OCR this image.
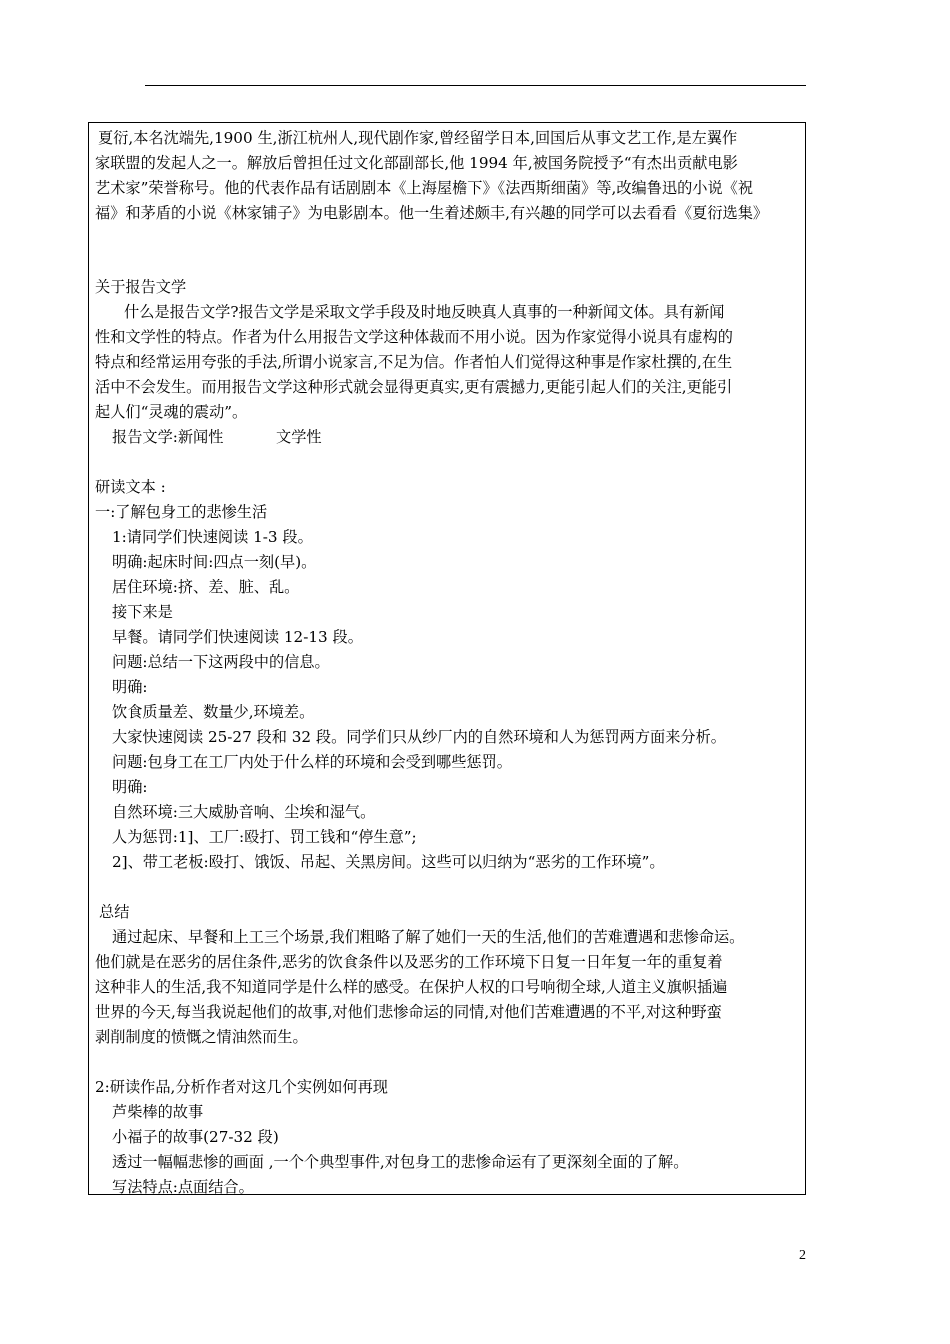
夏衍,本名沈端先,1900 生,浙江杭州人,现代剧作家,曾经留学日本,回国后从事文艺工作,是左翼作
家联盟的发起人之一。解放后曾担任过文化部副部长,他 1994 年,被国务院授予“有杰出贡献电影
艺术家”荣誉称号。他的代表作品有话剧剧本《上海屋檐下》《法西斯细菌》等,改编鲁迅的小说《祝
福》和茅盾的小说《林家铺子》为电影剧本。他一生着述颇丰,有兴趣的同学可以去看看《夏衍选集》
关于报告文学
什么是报告文学?报告文学是采取文学手段及时地反映真人真事的一种新闻文体。具有新闻
性和文学性的特点。作者为什么用报告文学这种体裁而不用小说。因为作家觉得小说具有虚构的
特点和经常运用夸张的手法,所谓小说家言,不足为信。作者怕人们觉得这种事是作家杜撰的,在生
活中不会发生。而用报告文学这种形式就会显得更真实,更有震撼力,更能引起人们的关注,更能引
起人们“灵魂的震动”。
报告文学:新闻性	文学性
研读文本 :
一:了解包身工的悲惨生活
1:请同学们快速阅读 1-3 段。
明确:起床时间:四点一刻(早)。
居住环境:挤、差、脏、乱。
接下来是
早餐。请同学们快速阅读 12-13 段。
问题:总结一下这两段中的信息。
明确:
饮食质量差、数量少,环境差。
大家快速阅读 25-27 段和 32 段。同学们只从纱厂内的自然环境和人为惩罚两方面来分析。
问题:包身工在工厂内处于什么样的环境和会受到哪些惩罚。
明确:
自然环境:三大威胁音响、尘埃和湿气。
人为惩罚:1]、工厂:殴打、罚工钱和“停生意”;
2]、带工老板:殴打、饿饭、吊起、关黑房间。这些可以归纳为“恶劣的工作环境”。
总结
通过起床、早餐和上工三个场景,我们粗略了解了她们一天的生活,他们的苦难遭遇和悲惨命运。
他们就是在恶劣的居住条件,恶劣的饮食条件以及恶劣的工作环境下日复一日年复一年的重复着
这种非人的生活,我不知道同学是什么样的感受。在保护人权的口号响彻全球,人道主义旗帜插遍
世界的今天,每当我说起他们的故事,对他们悲惨命运的同情,对他们苦难遭遇的不平,对这种野蛮
剥削制度的愤慨之情油然而生。
2:研读作品,分析作者对这几个实例如何再现
芦柴棒的故事
小福子的故事(27-32 段)
透过一幅幅悲惨的画面 ,一个个典型事件,对包身工的悲惨命运有了更深刻全面的了解。
写法特点:点面结合。
2
